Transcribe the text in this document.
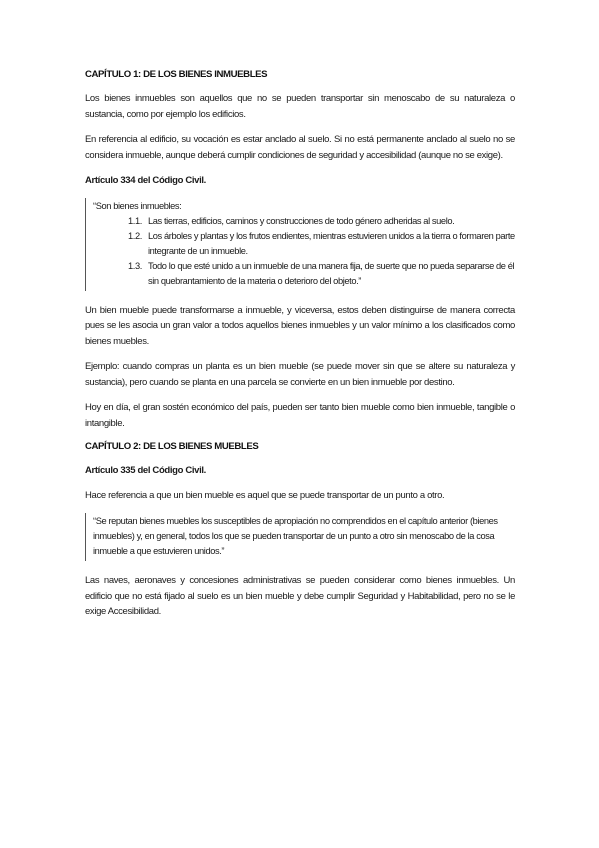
CAPÍTULO 1: DE LOS BIENES INMUEBLES

Los bienes inmuebles son aquellos que no se pueden transportar sin menoscabo de su naturaleza o sustancia, como por ejemplo los edificios.

En referencia al edificio, su vocación es estar anclado al suelo. Si no está permanente anclado al suelo no se considera inmueble, aunque deberá cumplir condiciones de seguridad y accesibilidad (aunque no se exige).

Artículo 334 del Código Civil.

“Son bienes inmuebles:
1.1. Las tierras, edificios, caminos y construcciones de todo género adheridas al suelo.
1.2. Los árboles y plantas y los frutos endientes, mientras estuvieren unidos a la tierra o formaren parte integrante de un inmueble.
1.3. Todo lo que esté unido a un inmueble de una manera fija, de suerte que no pueda separarse de él sin quebrantamiento de la materia o deterioro del objeto.”

Un bien mueble puede transformarse a inmueble, y viceversa, estos deben distinguirse de manera correcta pues se les asocia un gran valor a todos aquellos bienes inmuebles y un valor mínimo a los clasificados como bienes muebles.

Ejemplo: cuando compras un planta es un bien mueble (se puede mover sin que se altere su naturaleza y sustancia), pero cuando se planta en una parcela se convierte en un bien inmueble por destino.

Hoy en día, el gran sostén económico del país, pueden ser tanto bien mueble como bien inmueble, tangible o intangible.

CAPÍTULO 2: DE LOS BIENES MUEBLES

Artículo 335 del Código Civil.

Hace referencia a que un bien mueble es aquel que se puede transportar de un punto a otro.

“Se reputan bienes muebles los susceptibles de apropiación no comprendidos en el capítulo anterior (bienes inmuebles) y, en general, todos los que se pueden transportar de un punto a otro sin menoscabo de la cosa inmueble a que estuvieren unidos.”

Las naves, aeronaves y concesiones administrativas se pueden considerar como bienes inmuebles. Un edificio que no está fijado al suelo es un bien mueble y debe cumplir Seguridad y Habitabilidad, pero no se le exige Accesibilidad.
